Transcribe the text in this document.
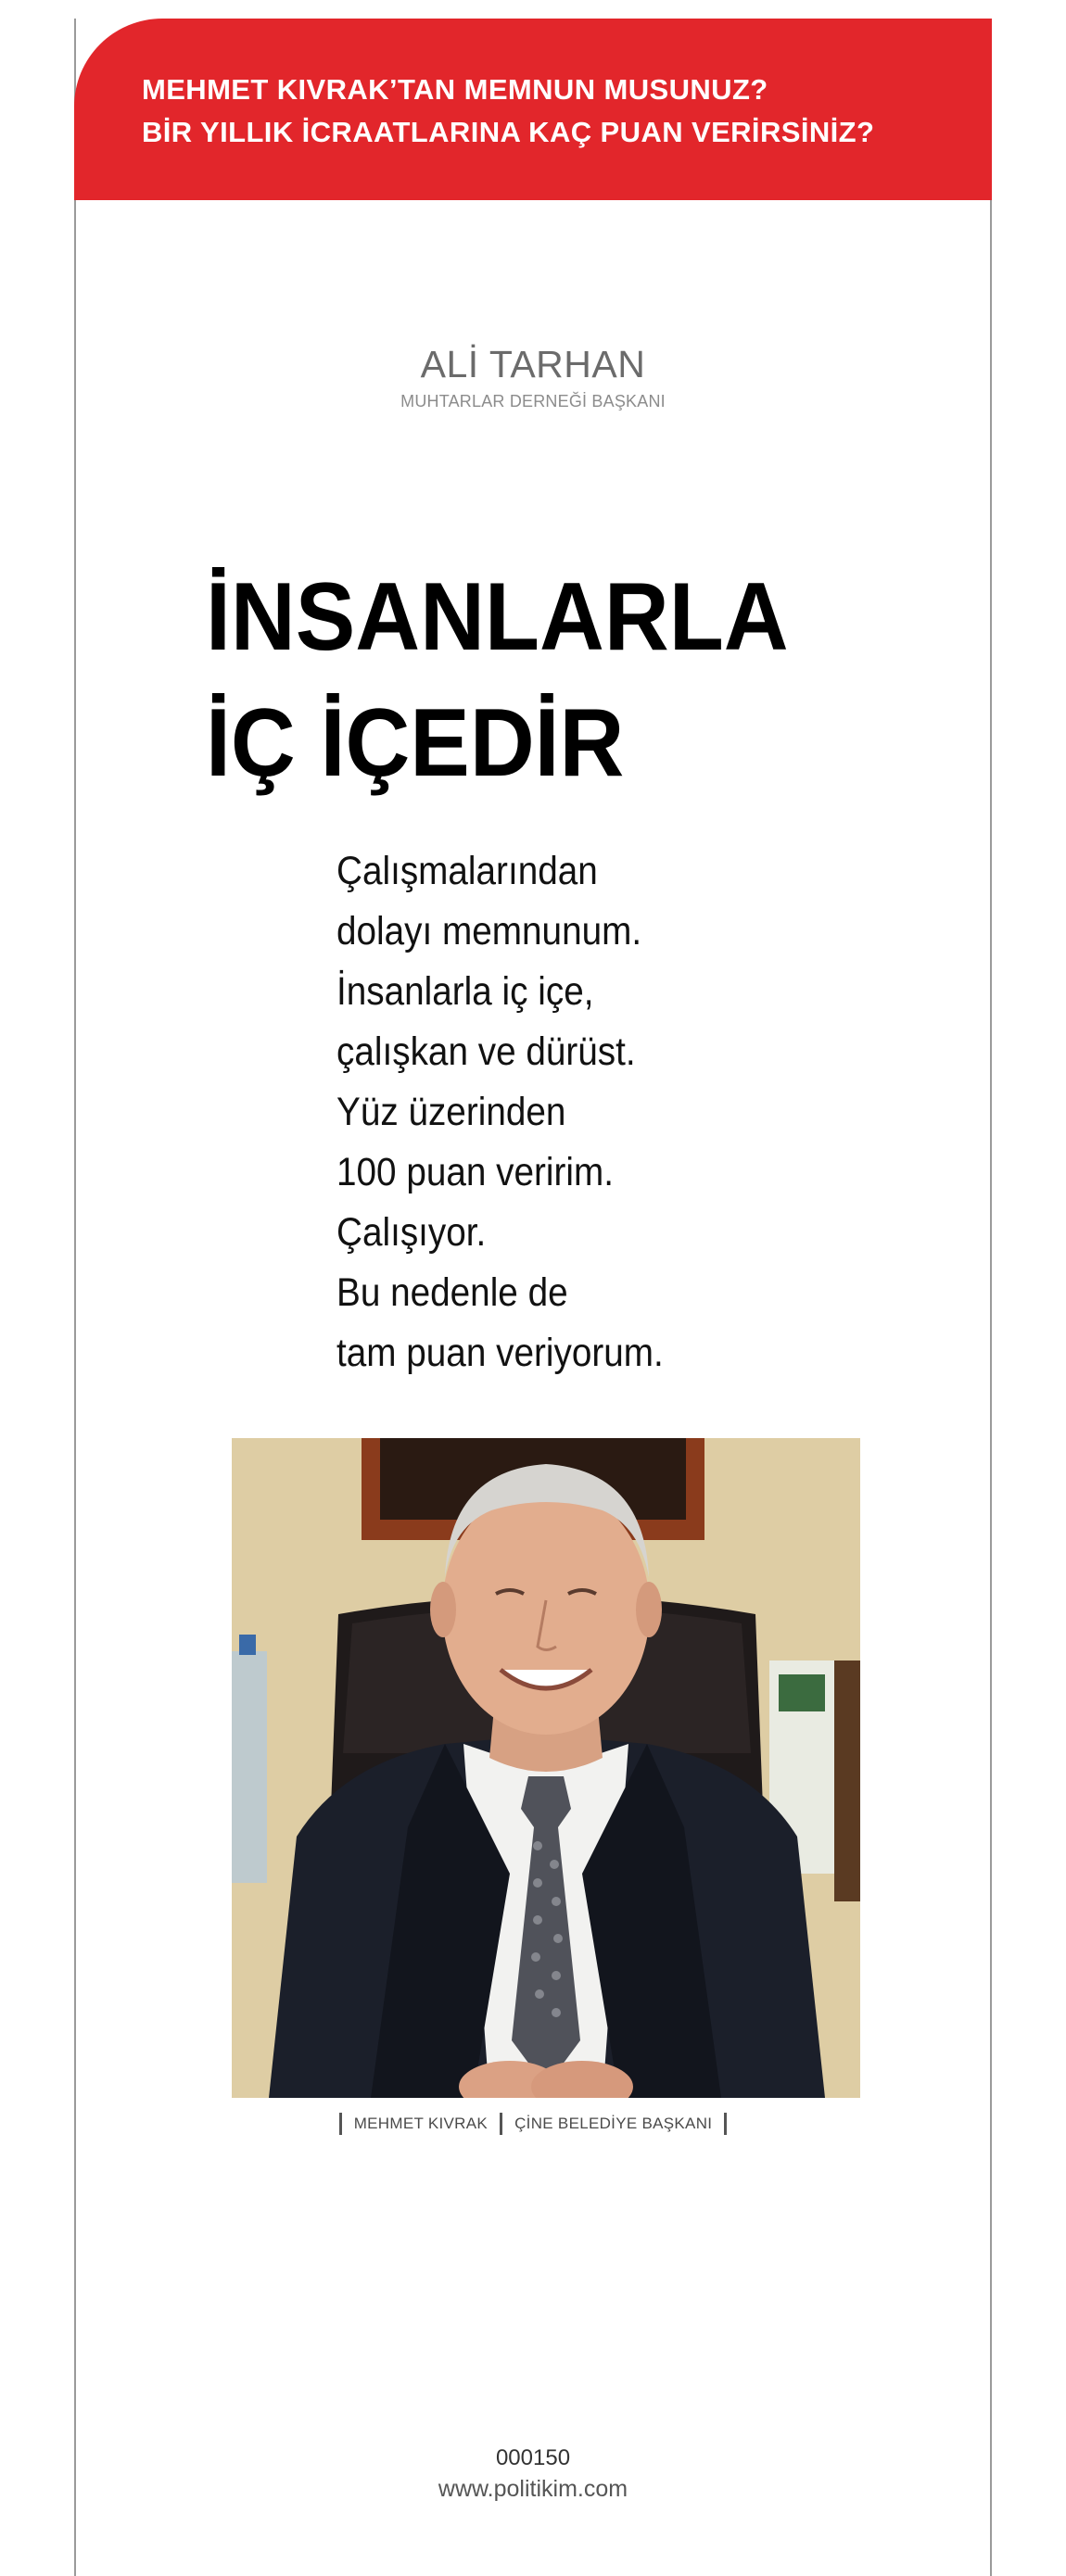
MEHMET KIVRAK’TAN MEMNUN MUSUNUZ?
BİR YILLIK İCRAATLARINA KAÇ PUAN VERİRSİNİZ?
ALİ TARHAN
MUHTARLAR DERNEĞİ BAŞKANI
İNSANLARLA
İÇ İÇEDİR
Çalışmalarından
dolayı memnunum.
İnsanlarla iç içe,
çalışkan ve dürüst.
Yüz üzerinden
100 puan veririm.
Çalışıyor.
Bu nedenle de
tam puan veriyorum.
MEHMET KIVRAK ÇİNE BELEDİYE BAŞKANI
000150
www.politikim.com
